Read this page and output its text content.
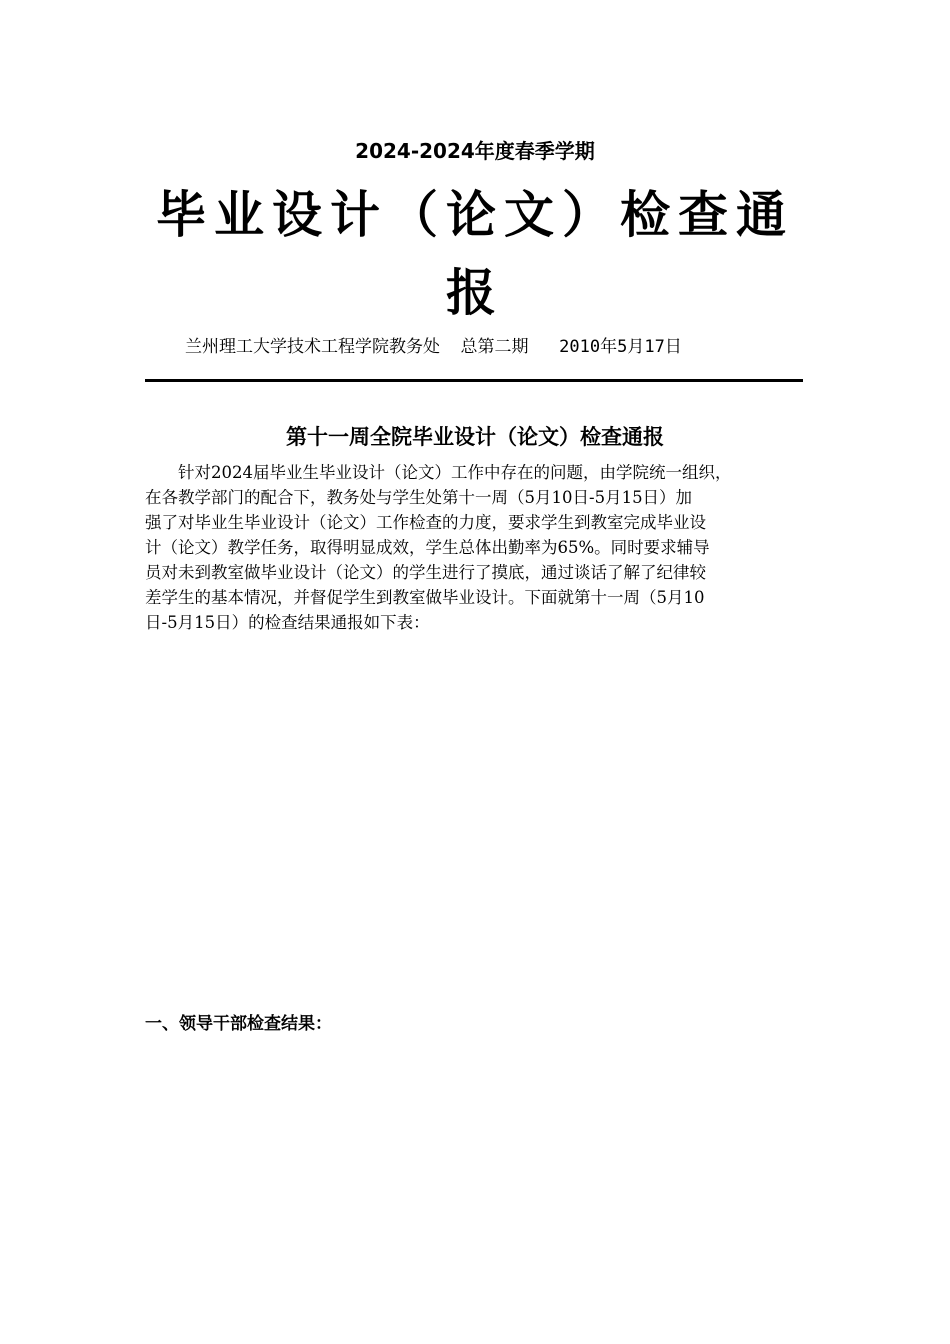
2024-2024年度春季学期
毕业设计（论文）检查通
报
兰州理工大学技术工程学院教务处  总第二期   2010年5月17日
第十一周全院毕业设计（论文）检查通报
针对2024届毕业生毕业设计（论文）工作中存在的问题，由学院统一组织，
在各教学部门的配合下，教务处与学生处第十一周（5月10日-5月15日）加
强了对毕业生毕业设计（论文）工作检查的力度，要求学生到教室完成毕业设
计（论文）教学任务，取得明显成效，学生总体出勤率为65%。同时要求辅导
员对未到教室做毕业设计（论文）的学生进行了摸底，通过谈话了解了纪律较
差学生的基本情况，并督促学生到教室做毕业设计。下面就第十一周（5月10
日-5月15日）的检查结果通报如下表：
一、领导干部检查结果：
